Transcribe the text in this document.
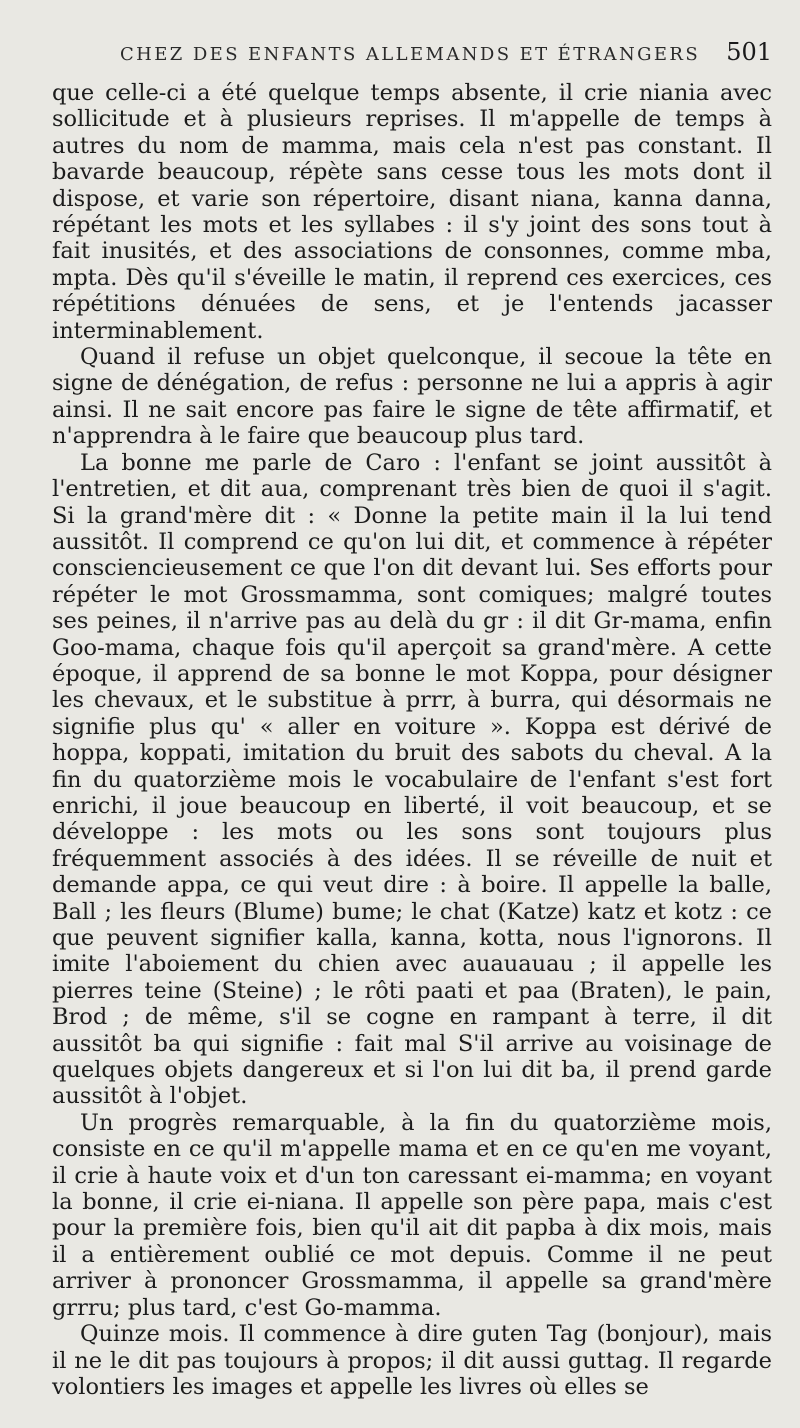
CHEZ DES ENFANTS ALLEMANDS ET ÉTRANGERS 501

que celle-ci a été quelque temps absente, il crie niania avec sollicitude et à plusieurs reprises. Il m'appelle de temps à autres du nom de mamma, mais cela n'est pas constant. Il bavarde beaucoup, répète sans cesse tous les mots dont il dispose, et varie son répertoire, disant niana, kanna danna, répétant les mots et les syllabes : il s'y joint des sons tout à fait inusités, et des associations de consonnes, comme mba, mpta. Dès qu'il s'éveille le matin, il reprend ces exercices, ces répétitions dénuées de sens, et je l'entends jacasser interminablement.

Quand il refuse un objet quelconque, il secoue la tête en signe de dénégation, de refus : personne ne lui a appris à agir ainsi. Il ne sait encore pas faire le signe de tête affirmatif, et n'apprendra à le faire que beaucoup plus tard.

La bonne me parle de Caro : l'enfant se joint aussitôt à l'entretien, et dit aua, comprenant très bien de quoi il s'agit. Si la grand'mère dit : « Donne la petite main il la lui tend aussitôt. Il comprend ce qu'on lui dit, et commence à répéter consciencieusement ce que l'on dit devant lui. Ses efforts pour répéter le mot Grossmamma, sont comiques; malgré toutes ses peines, il n'arrive pas au delà du gr : il dit Gr-mama, enfin Goo-mama, chaque fois qu'il aperçoit sa grand'mère. A cette époque, il apprend de sa bonne le mot Koppa, pour désigner les chevaux, et le substitue à prrr, à burra, qui désormais ne signifie plus qu' « aller en voiture ». Koppa est dérivé de hoppa, koppati, imitation du bruit des sabots du cheval. A la fin du quatorzième mois le vocabulaire de l'enfant s'est fort enrichi, il joue beaucoup en liberté, il voit beaucoup, et se développe : les mots ou les sons sont toujours plus fréquemment associés à des idées. Il se réveille de nuit et demande appa, ce qui veut dire : à boire. Il appelle la balle, Ball ; les fleurs (Blume) bume; le chat (Katze) katz et kotz : ce que peuvent signifier kalla, kanna, kotta, nous l'ignorons. Il imite l'aboiement du chien avec auauauau ; il appelle les pierres teine (Steine) ; le rôti paati et paa (Braten), le pain, Brod ; de même, s'il se cogne en rampant à terre, il dit aussitôt ba qui signifie : fait mal S'il arrive au voisinage de quelques objets dangereux et si l'on lui dit ba, il prend garde aussitôt à l'objet.

Un progrès remarquable, à la fin du quatorzième mois, consiste en ce qu'il m'appelle mama et en ce qu'en me voyant, il crie à haute voix et d'un ton caressant ei-mamma; en voyant la bonne, il crie ei-niana. Il appelle son père papa, mais c'est pour la première fois, bien qu'il ait dit papba à dix mois, mais il a entièrement oublié ce mot depuis. Comme il ne peut arriver à prononcer Grossmamma, il appelle sa grand'mère grrru; plus tard, c'est Go-mamma.

Quinze mois. Il commence à dire guten Tag (bonjour), mais il ne le dit pas toujours à propos; il dit aussi guttag. Il regarde volontiers les images et appelle les livres où elles se
